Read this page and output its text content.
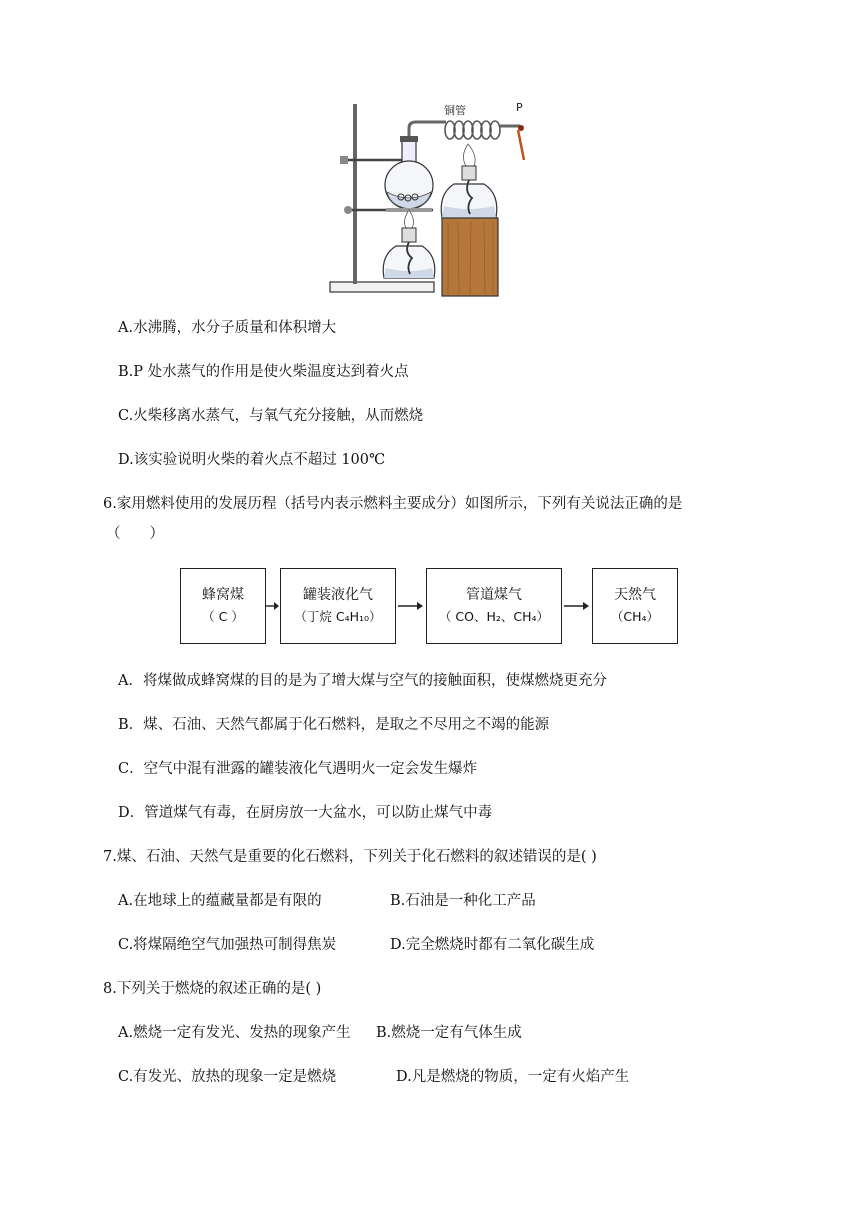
铜管	P
A.水沸腾，水分子质量和体积增大
B.P 处水蒸气的作用是使火柴温度达到着火点
C.火柴移离水蒸气，与氧气充分接触，从而燃烧
D.该实验说明火柴的着火点不超过 100℃
6.家用燃料使用的发展历程（括号内表示燃料主要成分）如图所示，下列有关说法正确的是
（　　）
蜂窝煤
（ C ）
罐装液化气
（丁烷 C₄H₁₀）
管道煤气
（ CO、H₂、CH₄）
天然气
（CH₄）
A．将煤做成蜂窝煤的目的是为了增大煤与空气的接触面积，使煤燃烧更充分
B．煤、石油、天然气都属于化石燃料，是取之不尽用之不竭的能源
C．空气中混有泄露的罐装液化气遇明火一定会发生爆炸
D．管道煤气有毒，在厨房放一大盆水，可以防止煤气中毒
7.煤、石油、天然气是重要的化石燃料，下列关于化石燃料的叙述错误的是( )
A.在地球上的蕴藏量都是有限的	B.石油是一种化工产品
C.将煤隔绝空气加强热可制得焦炭	D.完全燃烧时都有二氧化碳生成
8.下列关于燃烧的叙述正确的是( )
A.燃烧一定有发光、发热的现象产生 B.燃烧一定有气体生成
C.有发光、放热的现象一定是燃烧	D.凡是燃烧的物质，一定有火焰产生
